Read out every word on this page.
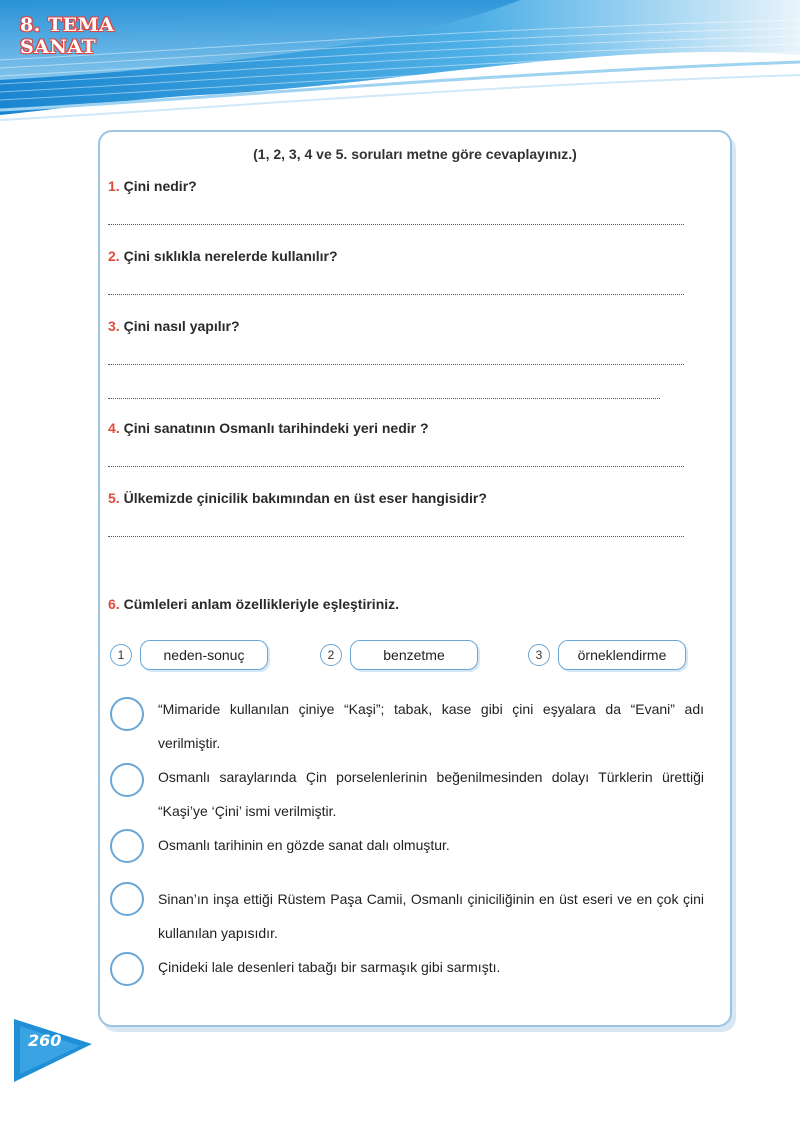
8. TEMA
SANAT
(1, 2, 3, 4 ve 5. soruları metne göre cevaplayınız.)
1. Çini nedir?
2. Çini sıklıkla nerelerde kullanılır?
3. Çini nasıl yapılır?
4. Çini sanatının Osmanlı tarihindeki yeri nedir ?
5. Ülkemizde çinicilik bakımından en üst eser hangisidir?
6. Cümleleri anlam özellikleriyle eşleştiriniz.
1	neden-sonuç	2	benzetme	3	örneklendirme
“Mimaride kullanılan çiniye “Kaşi”; tabak, kase gibi çini eşyalara da “Evani” adı verilmiştir.
Osmanlı saraylarında Çin porselenlerinin beğenilmesinden dolayı Türklerin ürettiği “Kaşi’ye ‘Çini’ ismi verilmiştir.
Osmanlı tarihinin en gözde sanat dalı olmuştur.
Sinan’ın inşa ettiği Rüstem Paşa Camii, Osmanlı çiniciliğinin en üst eseri ve en çok çini kullanılan yapısıdır.
Çinideki lale desenleri tabağı bir sarmaşık gibi sarmıştı.
260
